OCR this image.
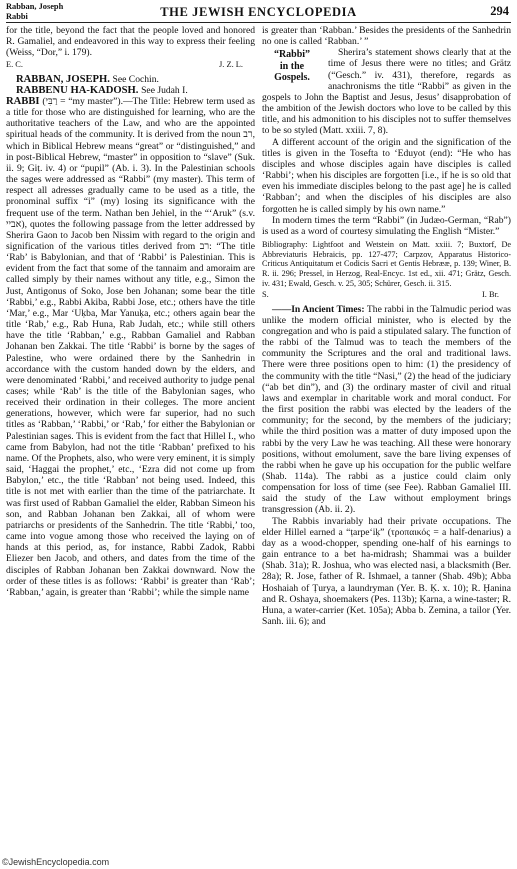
Rabban, Joseph
Rabbi	THE JEWISH ENCYCLOPEDIA	294

for the title, beyond the fact that the people loved and honored R. Gamaliel, and endeavored in this way to express their feeling (Weiss, “Dor,” i. 179).

E. C.	J. Z. L.

RABBAN, JOSEPH. See Cochin.

RABBENU HA-KADOSH. See Judah I.

RABBI (רַבִּי = “my master”).—The Title: Hebrew term used as a title for those who are distinguished for learning, who are the authoritative teachers of the Law, and who are the appointed spiritual heads of the community. It is derived from the noun רב, which in Biblical Hebrew means “great” or “distinguished,” and in post-Biblical Hebrew, “master” in opposition to “slave” (Suk. ii. 9; Giṭ. iv. 4) or “pupil” (Ab. i. 3). In the Palestinian schools the sages were addressed as “Rabbi” (my master). This term of respect all adresses gradually came to be used as a title, the pronominal suffix “i” (my) losing its significance with the frequent use of the term. Nathan ben Jehiel, in the “‘Aruk” (s.v. אביי), quotes the following passage from the letter addressed by Sherira Gaon to Jacob ben Nissim with regard to the origin and signification of the various titles derived from רב: “The title ‘Rab’ is Babylonian, and that of ‘Rabbi’ is Palestinian. This is evident from the fact that some of the tannaim and amoraim are called simply by their names without any title, e.g., Simon the Just, Antigonus of Soko, Jose ben Johanan; some bear the title ‘Rabbi,’ e.g., Rabbi Akiba, Rabbi Jose, etc.; others have the title ‘Mar,’ e.g., Mar ‘Uḳba, Mar Yanuḳa, etc.; others again bear the title ‘Rab,’ e.g., Rab Huna, Rab Judah, etc.; while still others have the title ‘Rabban,’ e.g., Rabban Gamaliel and Rabban Johanan ben Zakkai. The title ‘Rabbi’ is borne by the sages of Palestine, who were ordained there by the Sanhedrin in accordance with the custom handed down by the elders, and were denominated ‘Rabbi,’ and received authority to judge penal cases; while ‘Rab’ is the title of the Babylonian sages, who received their ordination in their colleges. The more ancient generations, however, which were far superior, had no such titles as ‘Rabban,’ ‘Rabbi,’ or ‘Rab,’ for either the Babylonian or Palestinian sages. This is evident from the fact that Hillel I., who came from Babylon, had not the title ‘Rabban’ prefixed to his name. Of the Prophets, also, who were very eminent, it is simply said, ‘Haggai the prophet,’ etc., ‘Ezra did not come up from Babylon,’ etc., the title ‘Rabban’ not being used. Indeed, this title is not met with earlier than the time of the patriarchate. It was first used of Rabban Gamaliel the elder, Rabban Simeon his son, and Rabban Johanan ben Zakkai, all of whom were patriarchs or presidents of the Sanhedrin. The title ‘Rabbi,’ too, came into vogue among those who received the laying on of hands at this period, as, for instance, Rabbi Zadok, Rabbi Eliezer ben Jacob, and others, and dates from the time of the disciples of Rabban Johanan ben Zakkai downward. Now the order of these titles is as follows: ‘Rabbi’ is greater than ‘Rab’; ‘Rabban,’ again, is greater than ‘Rabbi’; while the simple name

is greater than ‘Rabban.’ Besides the presidents of the Sanhedrin no one is called ‘Rabban.’ ”

“Rabbi”
in the
Gospels.

Sherira’s statement shows clearly that at the time of Jesus there were no titles; and Grätz (“Gesch.” iv. 431), therefore, regards as anachronisms the title “Rabbi” as given in the gospels to John the Baptist and Jesus, Jesus’ disapprobation of the ambition of the Jewish doctors who love to be called by this title, and his admonition to his disciples not to suffer themselves to be so styled (Matt. xxiii. 7, 8).

A different account of the origin and the signification of the titles is given in the Tosefta to ‘Eduyot (end): “He who has disciples and whose disciples again have disciples is called ‘Rabbi’; when his disciples are forgotten [i.e., if he is so old that even his immediate disciples belong to the past age] he is called ‘Rabban’; and when the disciples of his disciples are also forgotten he is called simply by his own name.”

In modern times the term “Rabbi” (in Judæo-German, “Rab”) is used as a word of courtesy simulating the English “Mister.”

Bibliography: Lightfoot and Wetstein on Matt. xxiii. 7; Buxtorf, De Abbreviaturis Hebraicis, pp. 127-477; Carpzov, Apparatus Historico-Criticus Antiquitatum et Codicis Sacri et Gentis Hebrææ, p. 139; Winer, B. R. ii. 296; Pressel, in Herzog, Real-Encyc. 1st ed., xii. 471; Grätz, Gesch. iv. 431; Ewald, Gesch. v. 25, 305; Schürer, Gesch. ii. 315.

S.	I. Br.

——In Ancient Times: The rabbi in the Talmudic period was unlike the modern official minister, who is elected by the congregation and who is paid a stipulated salary. The function of the rabbi of the Talmud was to teach the members of the community the Scriptures and the oral and traditional laws. There were three positions open to him: (1) the presidency of the community with the title “Nasi,” (2) the head of the judiciary (“ab bet din”), and (3) the ordinary master of civil and ritual laws and exemplar in charitable work and moral conduct. For the first position the rabbi was elected by the leaders of the community; for the second, by the members of the judiciary; while the third position was a matter of duty imposed upon the rabbi by the very Law he was teaching. All these were honorary positions, without emolument, save the bare living expenses of the rabbi when he gave up his occupation for the public welfare (Shab. 114a). The rabbi as a justice could claim only compensation for loss of time (see Fee). Rabban Gamaliel III. said the study of the Law without employment brings transgression (Ab. ii. 2).

The Rabbis invariably had their private occupations. The elder Hillel earned a “ṭarpe‘iḳ” (τροπαικός = a half-denarius) a day as a wood-chopper, spending one-half of his earnings to gain entrance to a bet ha-midrash; Shammai was a builder (Shab. 31a); R. Joshua, who was elected nasi, a blacksmith (Ber. 28a); R. Jose, father of R. Ishmael, a tanner (Shab. 49b); Abba Hoshaiah of Ṭurya, a laundryman (Yer. B. Ḳ. x. 10); R. Ḥanina and R. Oshaya, shoemakers (Pes. 113b); Ḳarna, a wine-taster; R. Huna, a water-carrier (Ket. 105a); Abba b. Zemina, a tailor (Yer. Sanh. iii. 6); and

©JewishEncyclopedia.com
